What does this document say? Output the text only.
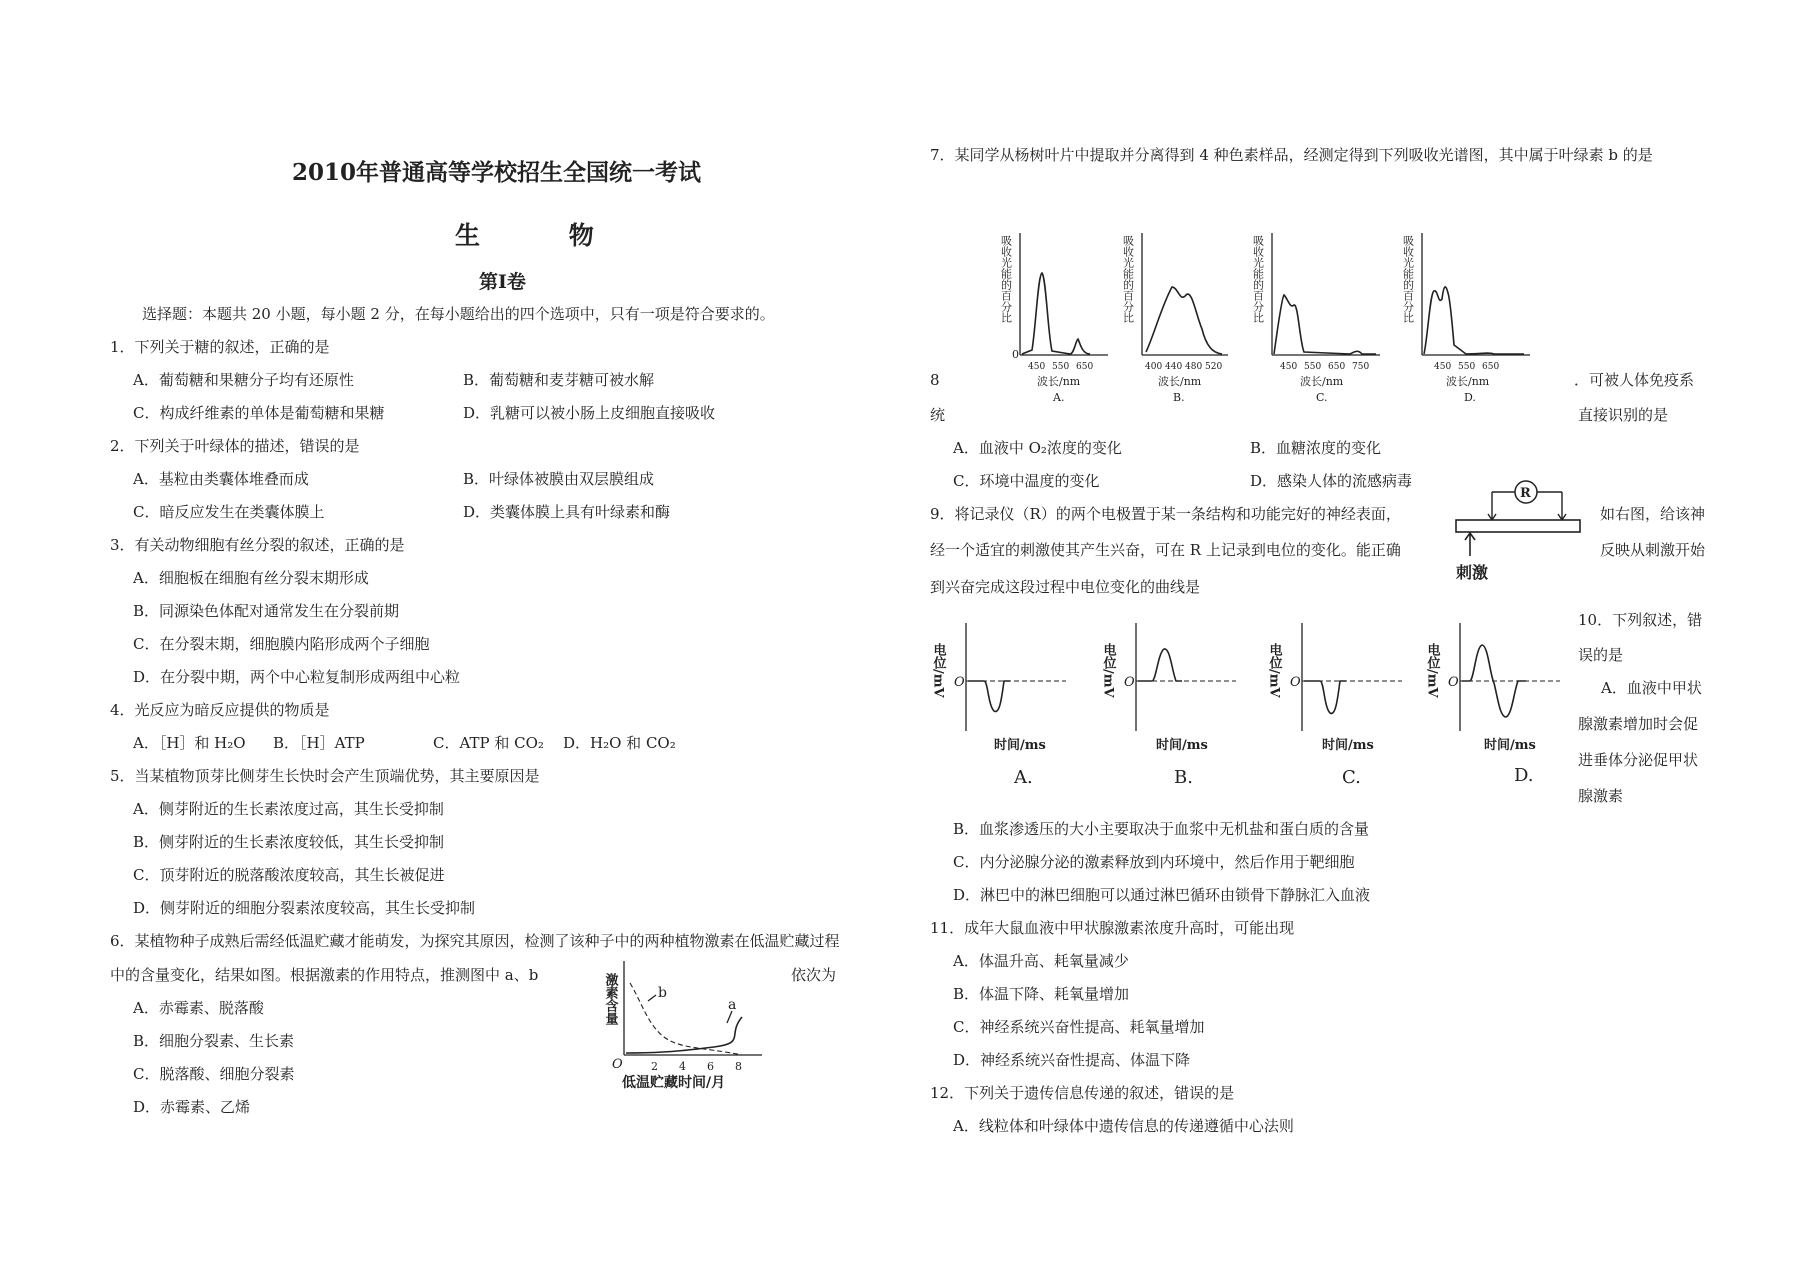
2010年普通高等学校招生全国统一考试
生 物
第Ⅰ卷
选择题：本题共 20 小题，每小题 2 分，在每小题给出的四个选项中，只有一项是符合要求的。
1．下列关于糖的叙述，正确的是
A．葡萄糖和果糖分子均有还原性	B．葡萄糖和麦芽糖可被水解
C．构成纤维素的单体是葡萄糖和果糖	D．乳糖可以被小肠上皮细胞直接吸收
2．下列关于叶绿体的描述，错误的是
A．基粒由类囊体堆叠而成	B．叶绿体被膜由双层膜组成
C．暗反应发生在类囊体膜上	D．类囊体膜上具有叶绿素和酶
3．有关动物细胞有丝分裂的叙述，正确的是
A．细胞板在细胞有丝分裂末期形成
B．同源染色体配对通常发生在分裂前期
C．在分裂末期，细胞膜内陷形成两个子细胞
D．在分裂中期，两个中心粒复制形成两组中心粒
4．光反应为暗反应提供的物质是
A．［H］和 H₂O B．［H］ATP	C．ATP 和 CO₂ D．H₂O 和 CO₂
5．当某植物顶芽比侧芽生长快时会产生顶端优势，其主要原因是
A．侧芽附近的生长素浓度过高，其生长受抑制
B．侧芽附近的生长素浓度较低，其生长受抑制
C．顶芽附近的脱落酸浓度较高，其生长被促进
D．侧芽附近的细胞分裂素浓度较高，其生长受抑制
6．某植物种子成熟后需经低温贮藏才能萌发，为探究其原因，检测了该种子中的两种植物激素在低温贮藏过程
中的含量变化，结果如图。根据激素的作用特点，推测图中 a、b	依次为
A．赤霉素、脱落酸
B．细胞分裂素、生长素
C．脱落酸、细胞分裂素
D．赤霉素、乙烯
激素含量
O	2 4 6 8
低温贮藏时间/月
a
b
7．某同学从杨树叶片中提取并分离得到 4 种色素样品，经测定得到下列吸收光谱图，其中属于叶绿素 b 的是
吸收光能的百分比
0
450 550 650
波长/nm
A.
吸收光能的百分比
400 440 480 520
波长/nm
B.
吸收光能的百分比
450 550 650 750
波长/nm
C.
吸收光能的百分比
450 550 650
波长/nm
D.
8	．可被人体免疫系
统	直接识别的是
A．血液中 O₂浓度的变化	B．血糖浓度的变化
C．环境中温度的变化	D．感染人体的流感病毒
9．将记录仪（R）的两个电极置于某一条结构和功能完好的神经表面，	如右图，给该神
经一个适宜的刺激使其产生兴奋，可在 R 上记录到电位的变化。能正确	反映从刺激开始
到兴奋完成这段过程中电位变化的曲线是
R
刺激
电位/mV O
时间/ms
A.
电位/mV O
时间/ms
B.
电位/mV O
时间/ms
C.
电位/mV O
时间/ms
D.
10．下列叙述，错
误的是
A．血液中甲状
腺激素增加时会促
进垂体分泌促甲状
腺激素
B．血浆渗透压的大小主要取决于血浆中无机盐和蛋白质的含量
C．内分泌腺分泌的激素释放到内环境中，然后作用于靶细胞
D．淋巴中的淋巴细胞可以通过淋巴循环由锁骨下静脉汇入血液
11．成年大鼠血液中甲状腺激素浓度升高时，可能出现
A．体温升高、耗氧量减少
B．体温下降、耗氧量增加
C．神经系统兴奋性提高、耗氧量增加
D．神经系统兴奋性提高、体温下降
12．下列关于遗传信息传递的叙述，错误的是
A．线粒体和叶绿体中遗传信息的传递遵循中心法则
